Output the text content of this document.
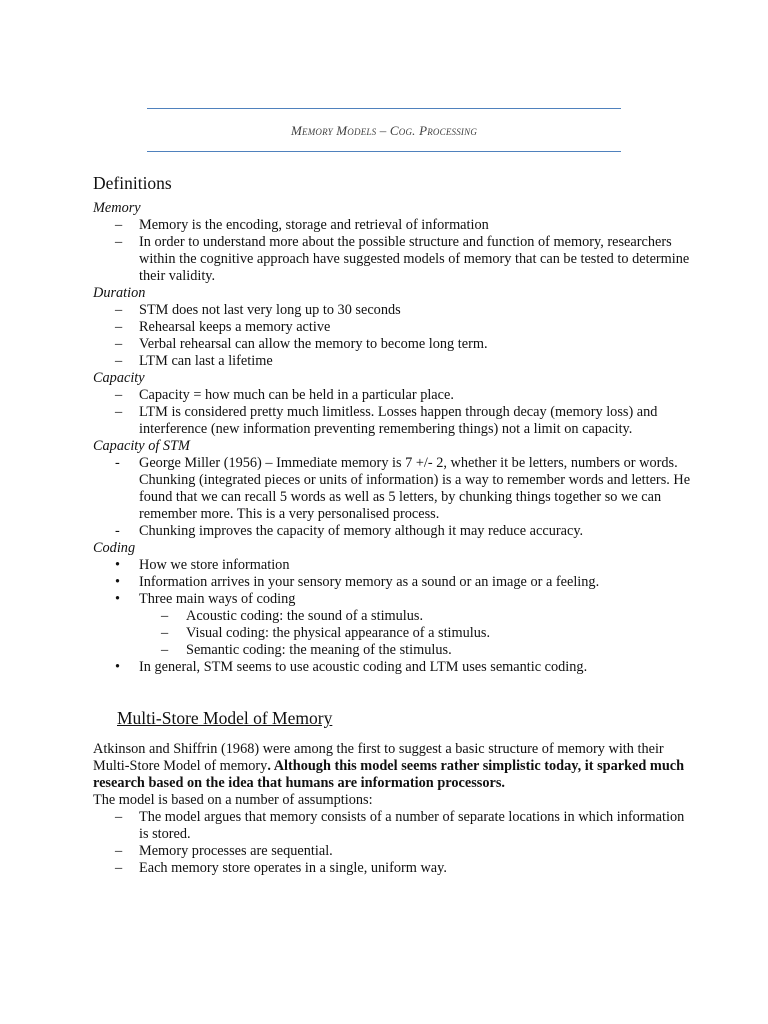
Memory Models – Cog. Processing
Definitions

Memory

– Memory is the encoding, storage and retrieval of information
– In order to understand more about the possible structure and function of memory, researchers within the cognitive approach have suggested models of memory that can be tested to determine their validity.

Duration

– STM does not last very long up to 30 seconds
– Rehearsal keeps a memory active
– Verbal rehearsal can allow the memory to become long term.
– LTM can last a lifetime

Capacity

– Capacity = how much can be held in a particular place.
– LTM is considered pretty much limitless. Losses happen through decay (memory loss) and interference (new information preventing remembering things) not a limit on capacity.

Capacity of STM

- George Miller (1956) – Immediate memory is 7 +/- 2, whether it be letters, numbers or words. Chunking (integrated pieces or units of information) is a way to remember words and letters. He found that we can recall 5 words as well as 5 letters, by chunking things together so we can remember more. This is a very personalised process.
- Chunking improves the capacity of memory although it may reduce accuracy.

Coding

• How we store information
• Information arrives in your sensory memory as a sound or an image or a feeling.
• Three main ways of coding
– Acoustic coding: the sound of a stimulus.
– Visual coding: the physical appearance of a stimulus.
– Semantic coding: the meaning of the stimulus.
• In general, STM seems to use acoustic coding and LTM uses semantic coding.
Multi-Store Model of Memory

Atkinson and Shiffrin (1968) were among the first to suggest a basic structure of memory with their Multi-Store Model of memory. Although this model seems rather simplistic today, it sparked much research based on the idea that humans are information processors.

The model is based on a number of assumptions:

– The model argues that memory consists of a number of separate locations in which information is stored.
– Memory processes are sequential.
– Each memory store operates in a single, uniform way.
